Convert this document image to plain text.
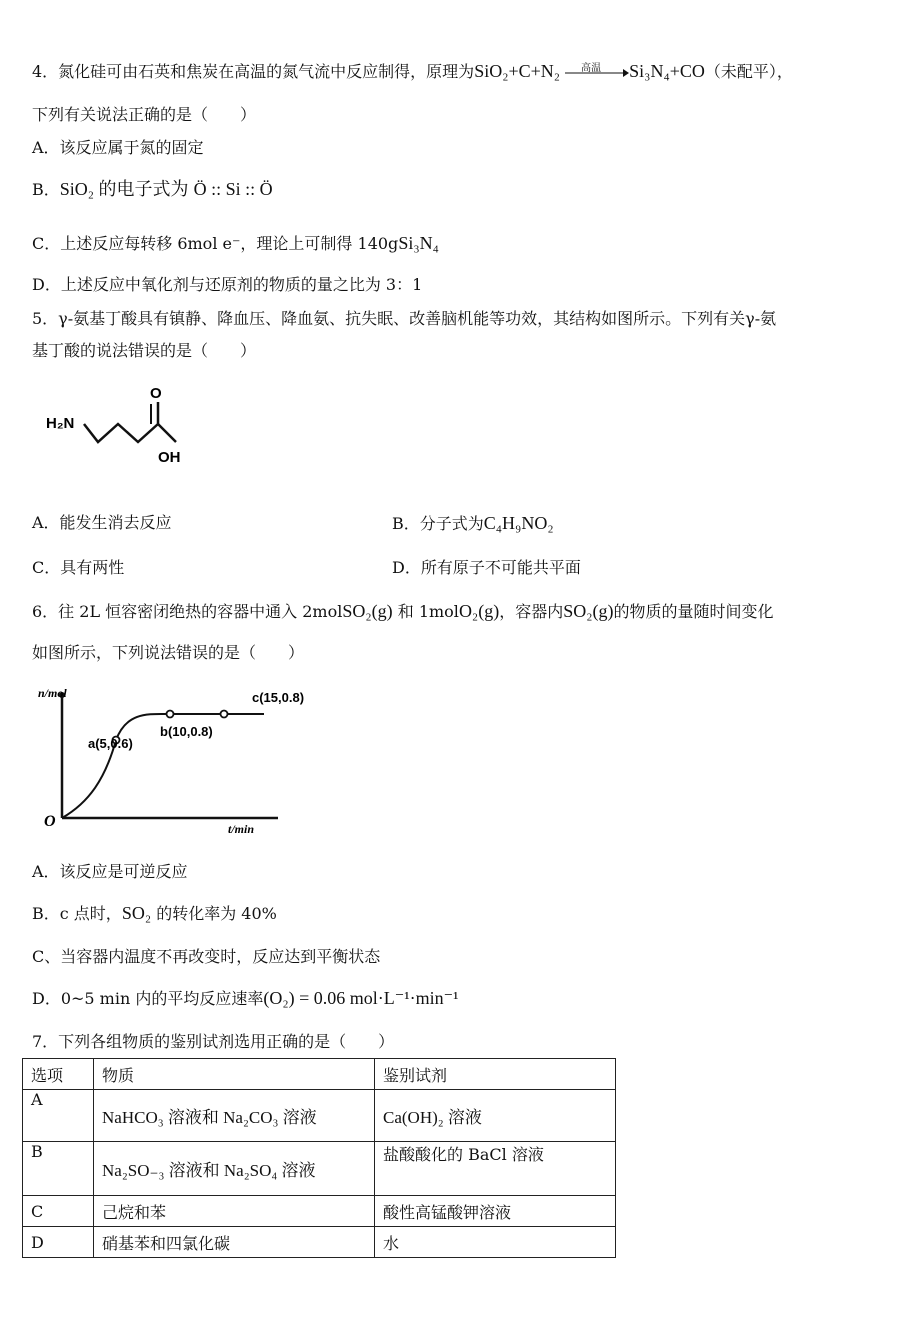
4．氮化硅可由石英和焦炭在高温的氮气流中反应制得，原理为SiO₂+C+N₂ 高温 Si₃N₄+CO（未配平），
下列有关说法正确的是（　　）
A．该反应属于氮的固定
B．SiO₂ 的电子式为 Ö :: Si :: Ö
C．上述反应每转移 6mol e⁻，理论上可制得 140gSi₃N₄
D．上述反应中氧化剂与还原剂的物质的量之比为 3：1
5．γ-氨基丁酸具有镇静、降血压、降血氨、抗失眠、改善脑机能等功效，其结构如图所示。下列有关γ-氨
基丁酸的说法错误的是（　　）
H₂N
O
OH
A．能发生消去反应	B．分子式为C₄H₉NO₂
C．具有两性	D．所有原子不可能共平面
6．往 2L 恒容密闭绝热的容器中通入 2molSO₂(g) 和 1molO₂(g)，容器内SO₂(g)的物质的量随时间变化
如图所示，下列说法错误的是（　　）
n/mol
t/min
O
a(5,0.6)
b(10,0.8)
c(15,0.8)
A．该反应是可逆反应
B．c 点时，SO₂ 的转化率为 40%
C、当容器内温度不再改变时，反应达到平衡状态
D．0~5 min 内的平均反应速率(O₂) = 0.06 mol·L⁻¹·min⁻¹
7．下列各组物质的鉴别试剂选用正确的是（　　）
选项	物质	鉴别试剂
A	NaHCO₃ 溶液和 Na₂CO₃ 溶液	Ca(OH)₂ 溶液
B	Na₂SO₋₃ 溶液和 Na₂SO₄ 溶液	盐酸酸化的 BaCl 溶液
C	己烷和苯	酸性高锰酸钾溶液
D	硝基苯和四氯化碳	水
